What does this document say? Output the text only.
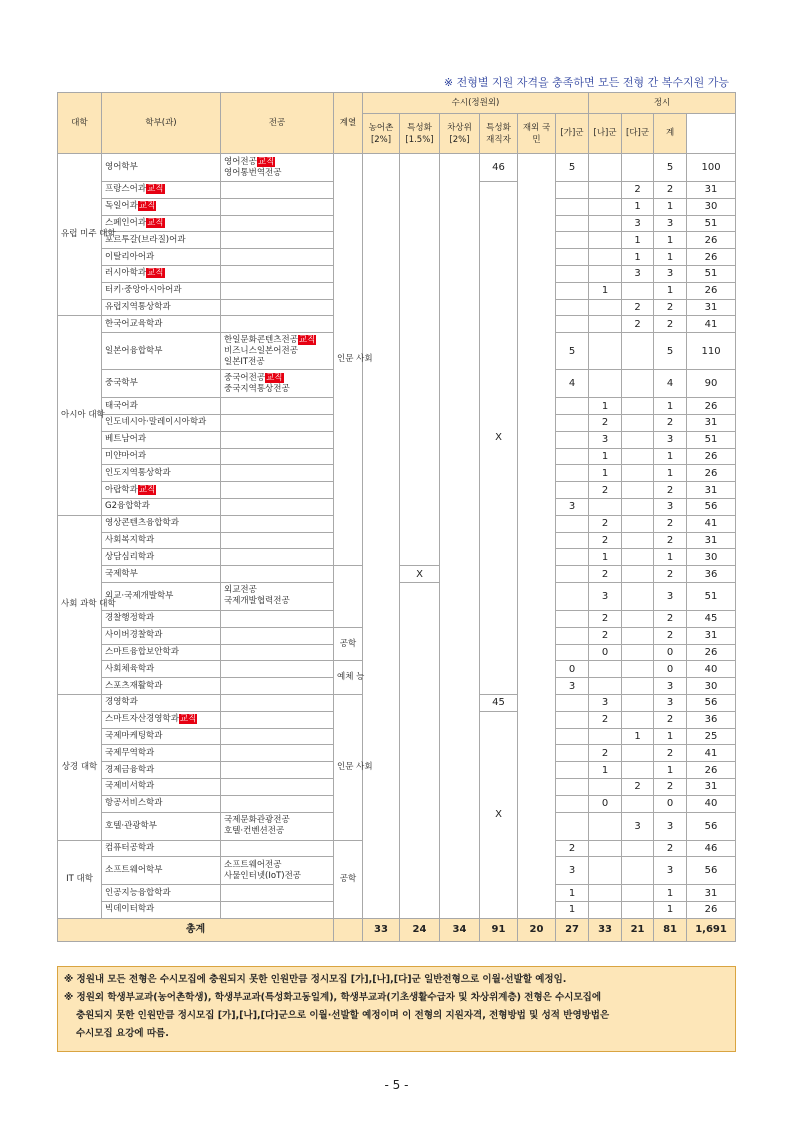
※ 전형별 지원 자격을 충족하면 모든 전형 간 복수지원 가능
대학	학부(과)	전공	계열	수시(정원외)						정시	
				농어촌 [2%]	특성화 [1.5%]	차상위 [2%]	특성화 재직자	재외 국민	[가]군	[나]군	[다]군	계		
유럽 미주 대학	영어학부	영어전공교직
영어통번역전공	인문 사회				46		5			5	100	
	프랑스어과교직						X				2	2	31	
	독일어과교직										1	1	30	
	스페인어과교직										3	3	51	
	포르투갈(브라질)어과										1	1	26	
	이탈리아어과										1	1	26	
	러시아학과교직										3	3	51	
	터키·중앙아시아어과									1		1	26	
	유럽지역통상학과										2	2	31	
아시아 대학	한국어교육학과										2	2	41	
	일본어융합학부	한일문화콘텐츠전공교직
비즈니스일본어전공
일본IT전공							5			5	110	
	중국학부	중국어전공교직
중국지역통상전공							4			4	90	
	태국어과									1		1	26	
	인도네시아·말레이시아학과									2		2	31	
	베트남어과									3		3	51	
	미얀마어과									1		1	26	
	인도지역통상학과									1		1	26	
	아랍학과교직									2		2	31	
	G2융합학과								3			3	56	
사회 과학 대학	영상콘텐츠융합학과									2		2	41	
	사회복지학과									2		2	31	
	상담심리학과									1		1	30	
	국제학부				X					2		2	36	
	외교·국제개발학부	외교전공
국제개발협력전공								3		3	51	
	경찰행정학과									2		2	45	
	사이버경찰학과		공학							2		2	31	
	스마트융합보안학과									0		0	26	
	사회체육학과		예체 능						0			0	40	
	스포츠재활학과								3			3	30	
상경 대학	경영학과		인문 사회				45			3		3	56	
	스마트자산경영학과교직						X			2		2	36	
	국제마케팅학과										1	1	25	
	국제무역학과									2		2	41	
	경제금융학과									1		1	26	
	국제비서학과										2	2	31	
	항공서비스학과									0		0	40	
	호텔·관광학부	국제문화관광전공
호텔·컨벤션전공									3	3	56	
IT 대학	컴퓨터공학과		공학						2			2	46	
	소프트웨어학부	소프트웨어전공
사물인터넷(IoT)전공							3			3	56	
	인공지능융합학과								1			1	31	
	빅데이터학과								1			1	26	
총계				33	24	34	91	20	27	33	21	81	1,691	
※ 정원내 모든 전형은 수시모집에 충원되지 못한 인원만큼 정시모집 [가],[나],[다]군 일반전형으로 이월·선발할 예정임.
※ 정원외 학생부교과(농어촌학생), 학생부교과(특성화고동일계), 학생부교과(기초생활수급자 및 차상위계층) 전형은 수시모집에
충원되지 못한 인원만큼 정시모집 [가],[나],[다]군으로 이월·선발할 예정이며 이 전형의 지원자격, 전형방법 및 성적 반영방법은
수시모집 요강에 따름.
- 5 -
